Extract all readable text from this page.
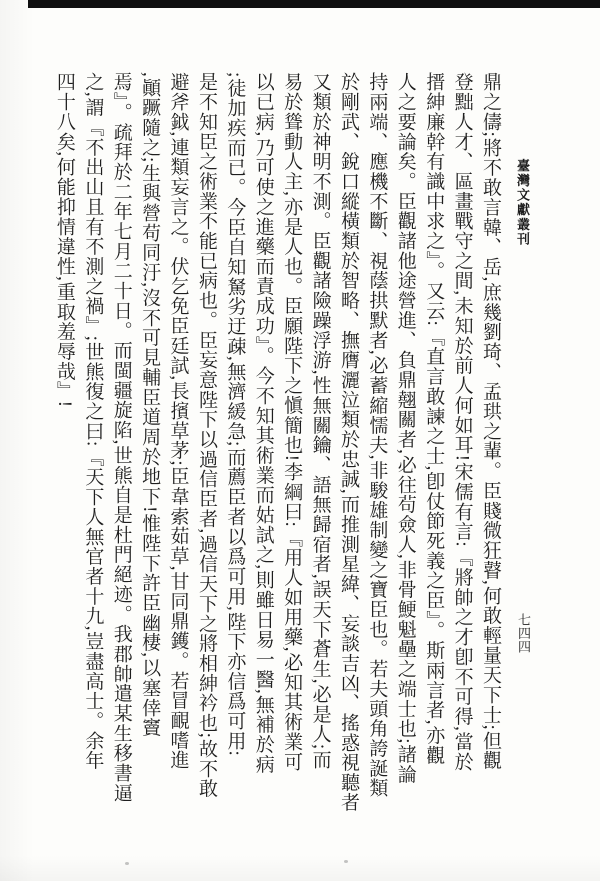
臺灣文獻叢刊
七四四
鼎之儔;將不敢言韓、岳,庶幾劉琦、孟珙之輩。臣賤微狂瞽,何敢輕量天下士;但觀
登黜人才、區畫戰守之間,未知於前人何如耳!宋儒有言:『將帥之才卽不可得,當於
搢紳廉幹有識中求之』。又云:『直言敢諫之士,卽仗節死義之臣』。斯兩言者,亦觀
人之要論矣。臣觀諸他途營進、負鼎翹關者,必往茍僉人,非骨鯁魁壘之端士也;諸論
持兩端、應機不斷、視蔭拱默者,必蓄縮懦夫,非駿雄制變之寶臣也。若夫頭角誇誕類
於剛武、銳口縱橫類於智略、撫膺灑泣類於忠誠,而推測星緯、妄談吉凶、搖惑視聽者
又類於神明不測。臣觀諸險躁浮游,性無關鑰、語無歸宿者,誤天下蒼生,必是人;而
易於聳動人主,亦是人也。臣願陛下之愼簡也!李綱曰:『用人如用藥,必知其術業可
以已病,乃可使之進藥而責成功』。今不知其術業而姑試之,則雖日易一醫,無補於病
;徒加疾而已。今臣自知駑劣迂疎,無濟緩急;而薦臣者以爲可用,陛下亦信爲可用:
是不知臣之術業不能已病也。臣妄意陛下以過信臣者,過信天下之將相紳衿也;故不敢
避斧鉞,連類妄言之。伏乞免臣廷試,長擯草茅;臣韋索茹草,甘同鼎鑊。若冒靦嗜進
,顚蹶隨之;生與營苟同汙,沒不可見輔臣道周於地下!惟陛下許臣幽棲,以塞倖竇
焉』。疏拜於二年七月二十日。而閩疆旋陷,世熊自是杜門絕迹。我郡帥遣某生移書逼
之,謂『不出山且有不測之禍』;世熊復之曰:『天下人無官者十九,豈盡高士。余年
四十八矣,何能抑情違性,重取羞辱哉』!
